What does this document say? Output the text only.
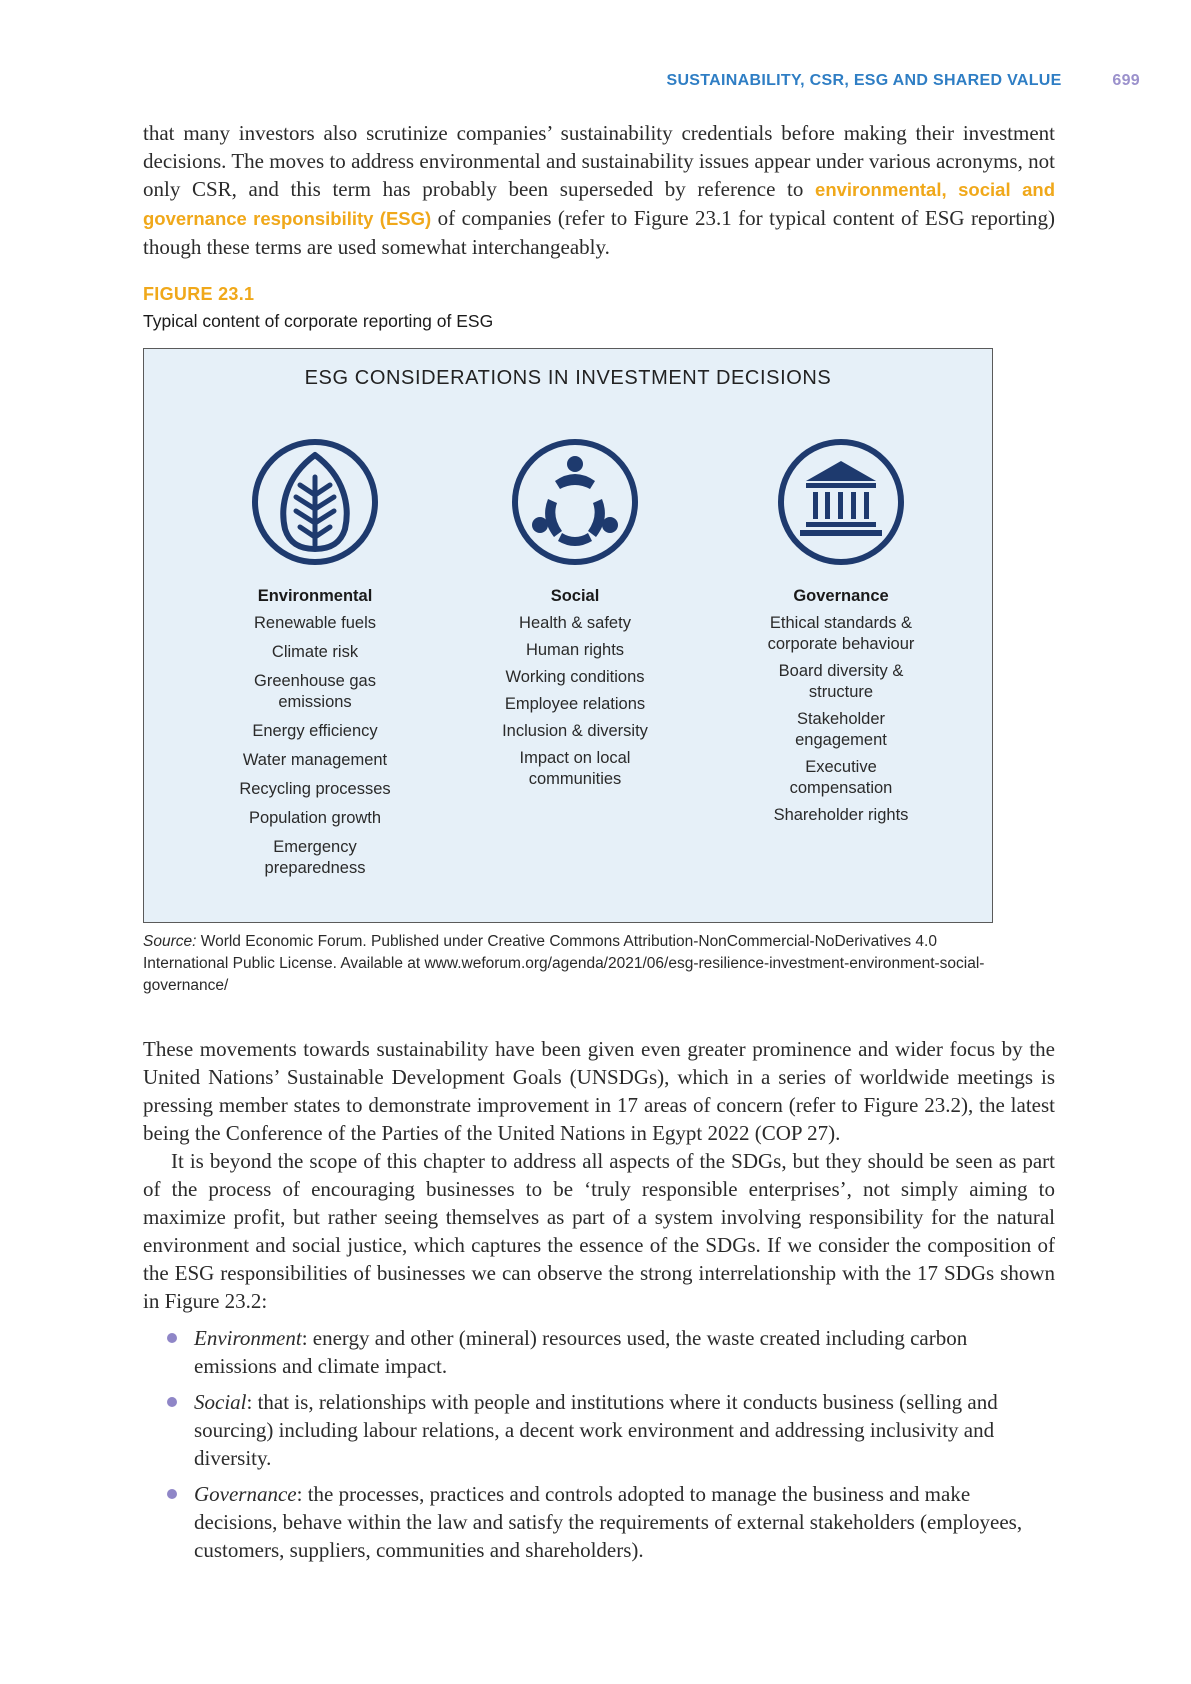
SUSTAINABILITY, CSR, ESG AND SHARED VALUE	699

that many investors also scrutinize companies’ sustainability credentials before making their investment decisions. The moves to address environmental and sustainability issues appear under various acronyms, not only CSR, and this term has probably been superseded by reference to environmental, social and governance responsibility (ESG) of companies (refer to Figure 23.1 for typical content of ESG reporting) though these terms are used somewhat interchangeably.

FIGURE 23.1
Typical content of corporate reporting of ESG
ESG CONSIDERATIONS IN INVESTMENT DECISIONS
Environmental
Renewable fuels
Climate risk
Greenhouse gas emissions
Energy efficiency
Water management
Recycling processes
Population growth
Emergency preparedness
Social
Health & safety
Human rights
Working conditions
Employee relations
Inclusion & diversity
Impact on local communities
Governance
Ethical standards & corporate behaviour
Board diversity & structure
Stakeholder engagement
Executive compensation
Shareholder rights
Source: World Economic Forum. Published under Creative Commons Attribution-NonCommercial-NoDerivatives 4.0 International Public License. Available at www.weforum.org/agenda/2021/06/esg-resilience-investment-environment-social-governance/

These movements towards sustainability have been given even greater prominence and wider focus by the United Nations’ Sustainable Development Goals (UNSDGs), which in a series of worldwide meetings is pressing member states to demonstrate improvement in 17 areas of concern (refer to Figure 23.2), the latest being the Conference of the Parties of the United Nations in Egypt 2022 (COP 27).

It is beyond the scope of this chapter to address all aspects of the SDGs, but they should be seen as part of the process of encouraging businesses to be ‘truly responsible enterprises’, not simply aiming to maximize profit, but rather seeing themselves as part of a system involving responsibility for the natural environment and social justice, which captures the essence of the SDGs. If we consider the composition of the ESG responsibilities of businesses we can observe the strong interrelationship with the 17 SDGs shown in Figure 23.2:

Environment: energy and other (mineral) resources used, the waste created including carbon emissions and climate impact.
Social: that is, relationships with people and institutions where it conducts business (selling and sourcing) including labour relations, a decent work environment and addressing inclusivity and diversity.
Governance: the processes, practices and controls adopted to manage the business and make decisions, behave within the law and satisfy the requirements of external stakeholders (employees, customers, suppliers, communities and shareholders).
